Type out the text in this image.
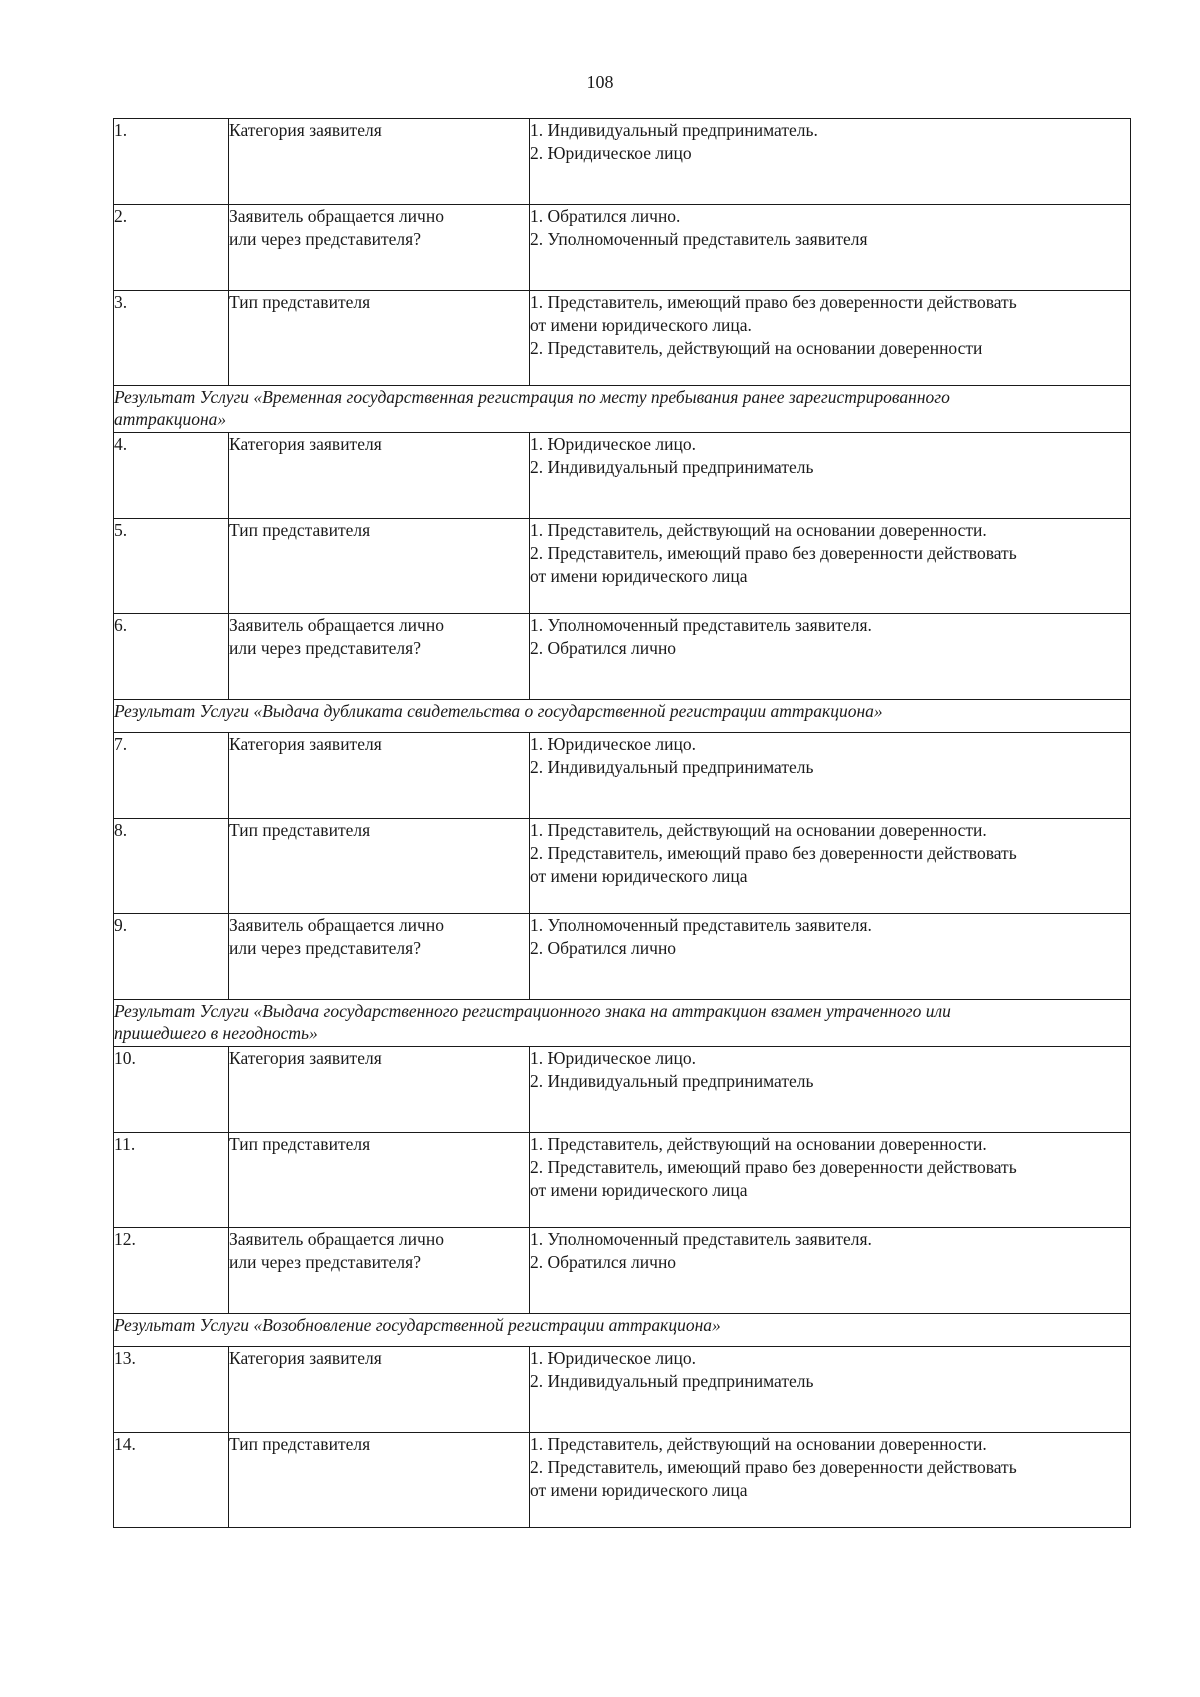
108
1.	Категория заявителя	1. Индивидуальный предприниматель.
2. Юридическое лицо

2.	Заявитель обращается лично
или через представителя?	1. Обратился лично.
2. Уполномоченный представитель заявителя

3.	Тип представителя	1. Представитель, имеющий право без доверенности действовать
от имени юридического лица.
2. Представитель, действующий на основании доверенности

Результат Услуги «Временная государственная регистрация по месту пребывания ранее зарегистрированного
аттракциона»		

4.	Категория заявителя	1. Юридическое лицо.
2. Индивидуальный предприниматель

5.	Тип представителя	1. Представитель, действующий на основании доверенности.
2. Представитель, имеющий право без доверенности действовать
от имени юридического лица

6.	Заявитель обращается лично
или через представителя?	1. Уполномоченный представитель заявителя.
2. Обратился лично

Результат Услуги «Выдача дубликата свидетельства о государственной регистрации аттракциона»		

7.	Категория заявителя	1. Юридическое лицо.
2. Индивидуальный предприниматель

8.	Тип представителя	1. Представитель, действующий на основании доверенности.
2. Представитель, имеющий право без доверенности действовать
от имени юридического лица

9.	Заявитель обращается лично
или через представителя?	1. Уполномоченный представитель заявителя.
2. Обратился лично

Результат Услуги «Выдача государственного регистрационного знака на аттракцион взамен утраченного или
пришедшего в негодность»		

10.	Категория заявителя	1. Юридическое лицо.
2. Индивидуальный предприниматель

11.	Тип представителя	1. Представитель, действующий на основании доверенности.
2. Представитель, имеющий право без доверенности действовать
от имени юридического лица

12.	Заявитель обращается лично
или через представителя?	1. Уполномоченный представитель заявителя.
2. Обратился лично

Результат Услуги «Возобновление государственной регистрации аттракциона»		

13.	Категория заявителя	1. Юридическое лицо.
2. Индивидуальный предприниматель

14.	Тип представителя	1. Представитель, действующий на основании доверенности.
2. Представитель, имеющий право без доверенности действовать
от имени юридического лица
